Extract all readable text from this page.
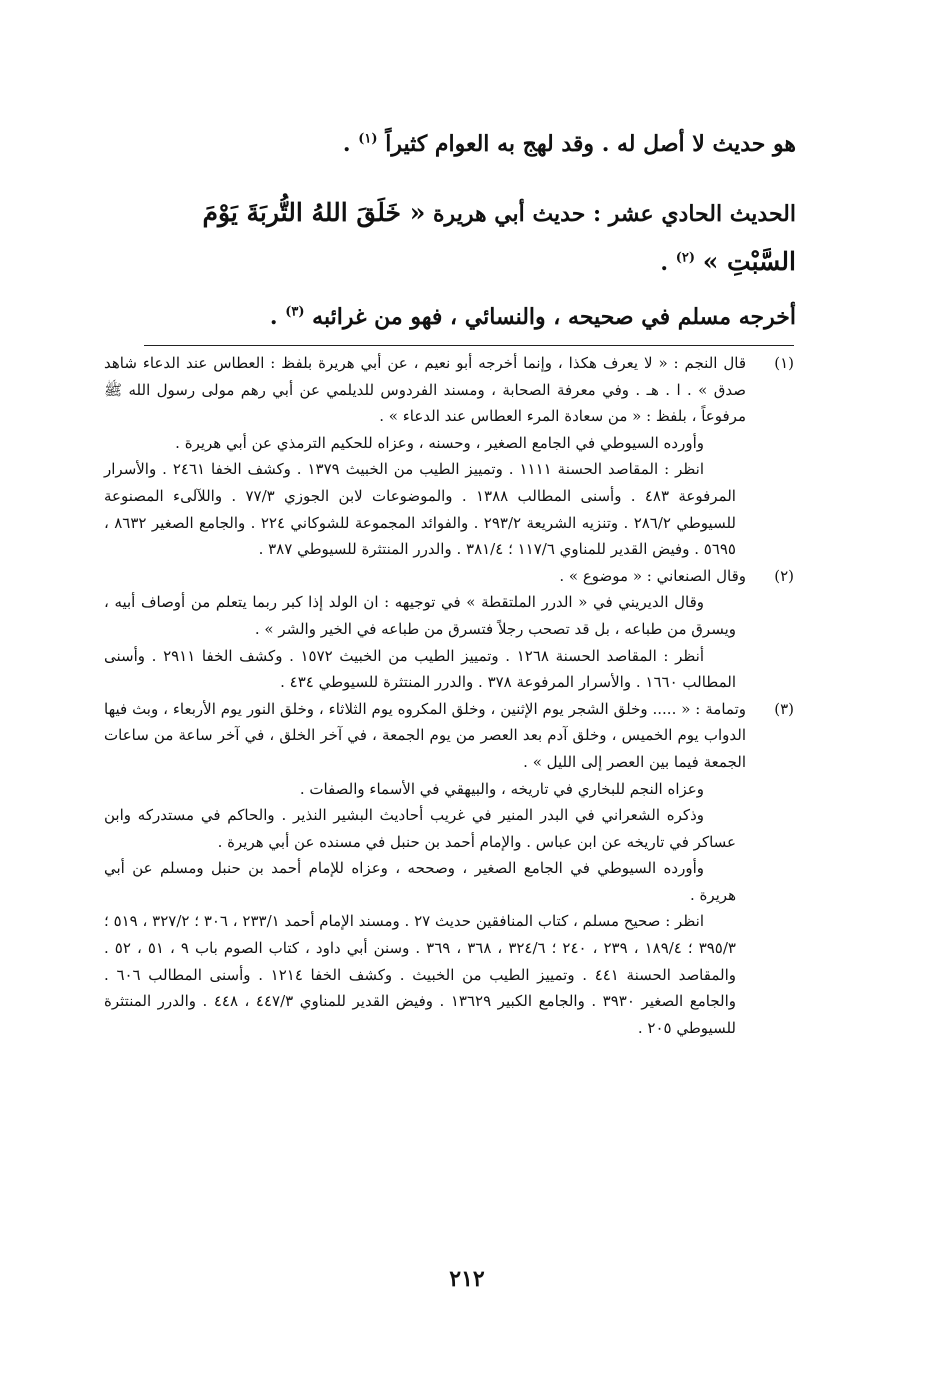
هو حديث لا أصل له . وقد لهج به العوام كثيراً $^{(١)}$ .

الحديث الحادي عشر : حديث أبي هريرة « خَلَقَ اللهُ التُّربَةَ يَوْمَ السَّبْتِ » $^{(٢)}$ .

أخرجه مسلم في صحيحه ، والنسائي ، فهو من غرائبه $^{(٣)}$ .

(١)

قال النجم : « لا يعرف هكذا ، وإنما أخرجه أبو نعيم ، عن أبي هريرة بلفظ : العطاس عند الدعاء شاهد صدق » . ا . هـ . وفي معرفة الصحابة ، ومسند الفردوس للديلمي عن أبي رهم مولى رسول الله ﷺ مرفوعاً ، بلفظ : « من سعادة المرء العطاس عند الدعاء » .

وأورده السيوطي في الجامع الصغير ، وحسنه ، وعزاه للحكيم الترمذي عن أبي هريرة .

انظر : المقاصد الحسنة ١١١١ . وتمييز الطيب من الخبيث ١٣٧٩ . وكشف الخفا ٢٤٦١ . والأسرار المرفوعة ٤٨٣ . وأسنى المطالب ١٣٨٨ . والموضوعات لابن الجوزي ٧٧/٣ . واللآلىء المصنوعة للسيوطي ٢٨٦/٢ . وتنزيه الشريعة ٢٩٣/٢ . والفوائد المجموعة للشوكاني ٢٢٤ . والجامع الصغير ٨٦٣٢ ، ٥٦٩٥ . وفيض القدير للمناوي ١١٧/٦ ؛ ٣٨١/٤ . والدرر المنتثرة للسيوطي ٣٨٧ .

(٢)

وقال الصنعاني : « موضوع » .

وقال الديريني في « الدرر الملتقطة » في توجيهه : ان الولد إذا كبر ربما يتعلم من أوصاف أبيه ، ويسرق من طباعه ، بل قد تصحب رجلاً فتسرق من طباعه في الخير والشر » .

أنظر : المقاصد الحسنة ١٢٦٨ . وتمييز الطيب من الخبيث ١٥٧٢ . وكشف الخفا ٢٩١١ . وأسنى المطالب ١٦٦٠ . والأسرار المرفوعة ٣٧٨ . والدرر المنتثرة للسيوطي ٤٣٤ .

(٣)

وتمامة : « ..... وخلق الشجر يوم الإثنين ، وخلق المكروه يوم الثلاثاء ، وخلق النور يوم الأربعاء ، وبث فيها الدواب يوم الخميس ، وخلق آدم بعد العصر من يوم الجمعة ، في آخر الخلق ، في آخر ساعة من ساعات الجمعة فيما بين العصر إلى الليل » .

وعزاه النجم للبخاري في تاريخه ، والبيهقي في الأسماء والصفات .

وذكره الشعراني في البدر المنير في غريب أحاديث البشير النذير . والحاكم في مستدركه وابن عساكر في تاريخه عن ابن عباس . والإمام أحمد بن حنبل في مسنده عن أبي هريرة .

وأورده السيوطي في الجامع الصغير ، وصححه ، وعزاه للإمام أحمد بن حنبل ومسلم عن أبي هريرة .

انظر : صحيح مسلم ، كتاب المنافقين حديث ٢٧ . ومسند الإمام أحمد ٢٣٣/١ ، ٣٠٦ ؛ ٣٢٧/٢ ، ٥١٩ ؛ ٣٩٥/٣ ؛ ١٨٩/٤ ، ٢٣٩ ، ٢٤٠ ؛ ٣٢٤/٦ ، ٣٦٨ ، ٣٦٩ . وسنن أبي داود ، كتاب الصوم باب ٩ ، ٥١ ، ٥٢ . والمقاصد الحسنة ٤٤١ . وتمييز الطيب من الخبيث . وكشف الخفا ١٢١٤ . وأسنى المطالب ٦٠٦ . والجامع الصغير ٣٩٣٠ . والجامع الكبير ١٣٦٢٩ . وفيض القدير للمناوي ٤٤٧/٣ ، ٤٤٨ . والدرر المنتثرة للسيوطي ٢٠٥ .

٢١٢
